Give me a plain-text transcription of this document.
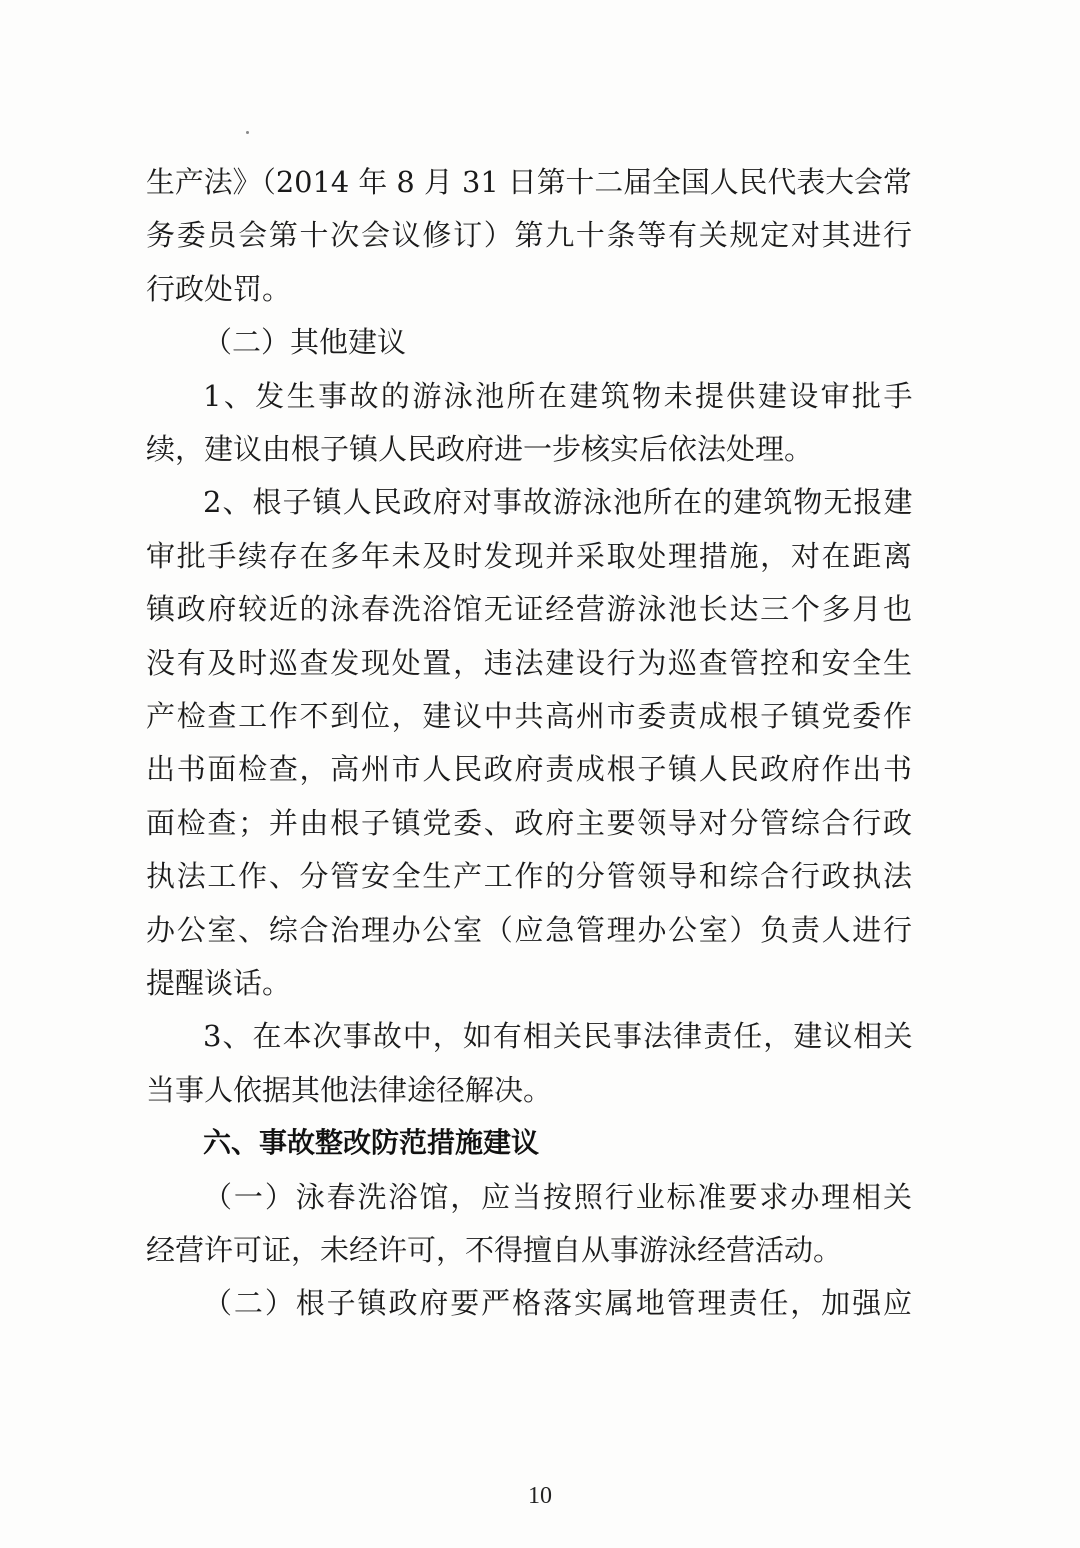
生产法》（2014 年 8 月 31 日第十二届全国人民代表大会常
务委员会第十次会议修订）第九十条等有关规定对其进行
行政处罚。
（二）其他建议
1、发生事故的游泳池所在建筑物未提供建设审批手
续，建议由根子镇人民政府进一步核实后依法处理。
2、根子镇人民政府对事故游泳池所在的建筑物无报建
审批手续存在多年未及时发现并采取处理措施，对在距离
镇政府较近的泳春洗浴馆无证经营游泳池长达三个多月也
没有及时巡查发现处置，违法建设行为巡查管控和安全生
产检查工作不到位，建议中共高州市委责成根子镇党委作
出书面检查，高州市人民政府责成根子镇人民政府作出书
面检查；并由根子镇党委、政府主要领导对分管综合行政
执法工作、分管安全生产工作的分管领导和综合行政执法
办公室、综合治理办公室（应急管理办公室）负责人进行
提醒谈话。
3、在本次事故中，如有相关民事法律责任，建议相关
当事人依据其他法律途径解决。
六、事故整改防范措施建议
（一）泳春洗浴馆，应当按照行业标准要求办理相关
经营许可证，未经许可，不得擅自从事游泳经营活动。
（二）根子镇政府要严格落实属地管理责任，加强应
10
